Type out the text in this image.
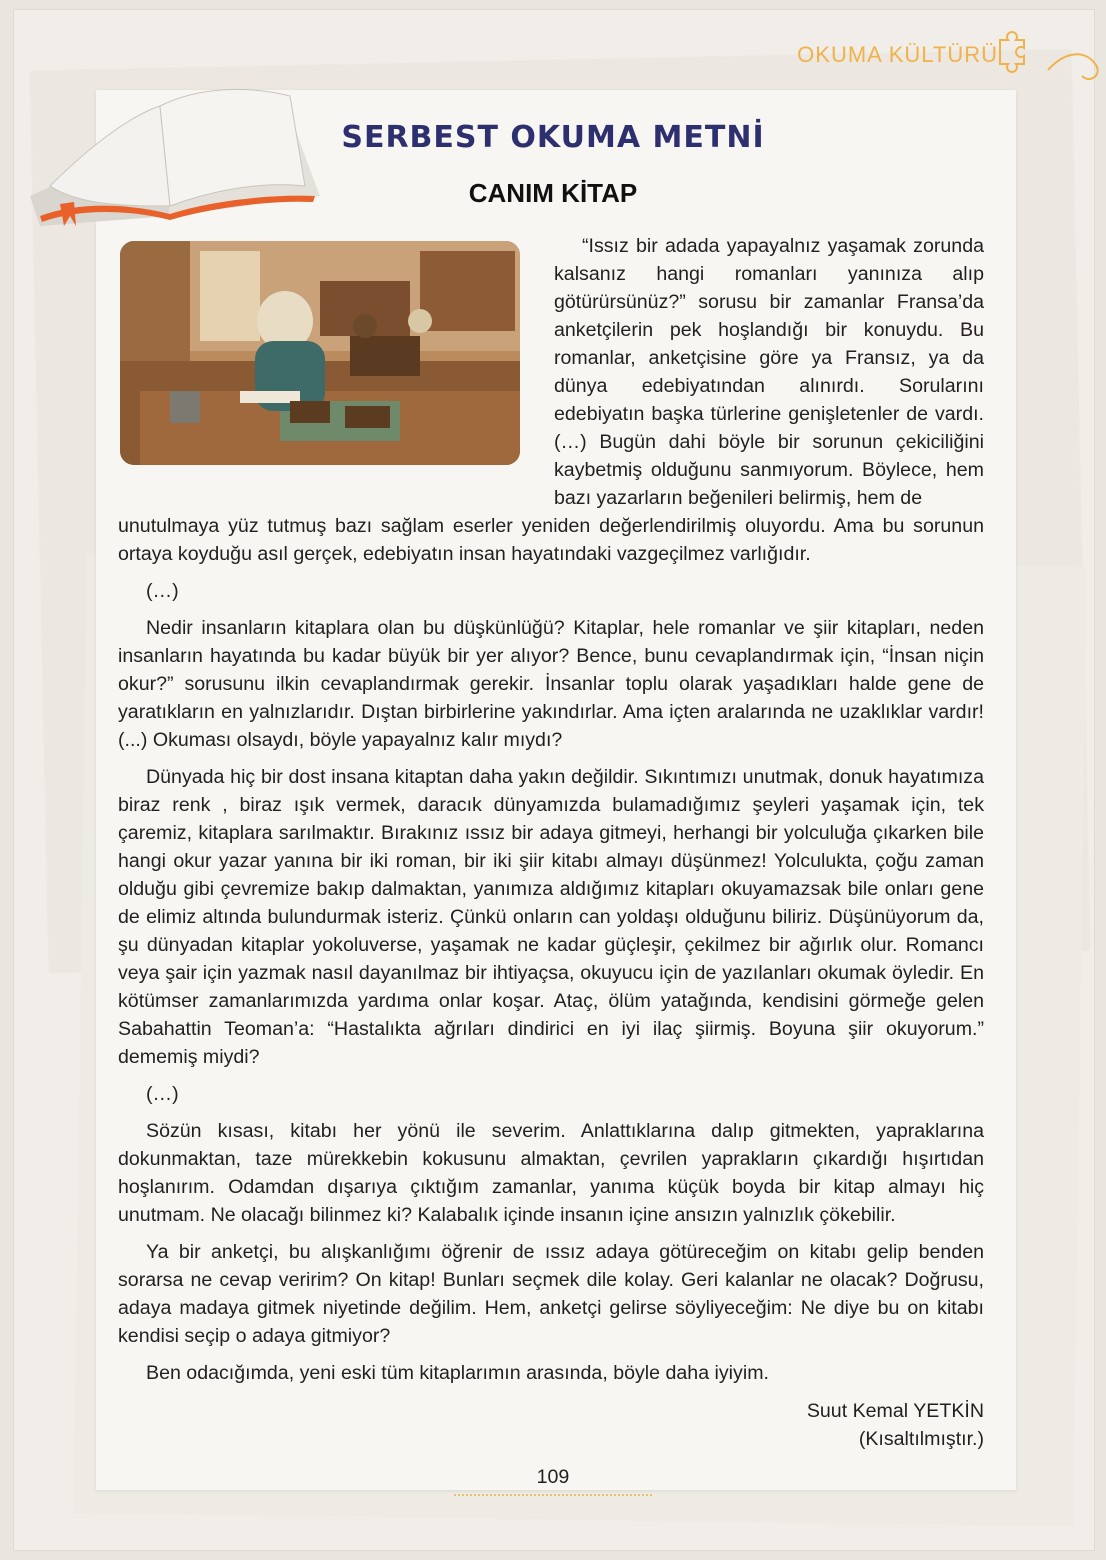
OKUMA KÜLTÜRÜ
SERBEST OKUMA METNİ
CANIM KİTAP

“Issız bir adada yapayalnız yaşamak zorunda kalsanız hangi romanları yanınıza alıp götürürsünüz?” sorusu bir zamanlar Fransa’da anketçilerin pek hoşlandığı bir konuydu. Bu romanlar, anketçisine göre ya Fransız, ya da dünya edebiyatından alınırdı. Sorularını edebiyatın başka türlerine genişletenler de vardı. (…) Bugün dahi böyle bir sorunun çekiciliğini kaybetmiş olduğunu sanmıyorum. Böylece, hem bazı yazarların beğenileri belirmiş, hem de

unutulmaya yüz tutmuş bazı sağlam eserler yeniden değerlendirilmiş oluyordu. Ama bu sorunun ortaya koyduğu asıl gerçek, edebiyatın insan hayatındaki vazgeçilmez varlığıdır.

(…)

Nedir insanların kitaplara olan bu düşkünlüğü? Kitaplar, hele romanlar ve şiir kitapları, neden insanların hayatında bu kadar büyük bir yer alıyor? Bence, bunu cevaplandırmak için, “İnsan niçin okur?” sorusunu ilkin cevaplandırmak gerekir. İnsanlar toplu olarak yaşadıkları halde gene de yaratıkların en yalnızlarıdır. Dıştan birbirlerine yakındırlar. Ama içten aralarında ne uzaklıklar vardır! (...) Okuması olsaydı, böyle yapayalnız kalır mıydı?

Dünyada hiç bir dost insana kitaptan daha yakın değildir. Sıkıntımızı unutmak, donuk hayatımıza biraz renk , biraz ışık vermek, daracık dünyamızda bulamadığımız şeyleri yaşamak için, tek çaremiz, kitaplara sarılmaktır. Bırakınız ıssız bir adaya gitmeyi, herhangi bir yolculuğa çıkarken bile hangi okur yazar yanına bir iki roman, bir iki şiir kitabı almayı düşünmez! Yolculukta, çoğu zaman olduğu gibi çevremize bakıp dalmaktan, yanımıza aldığımız kitapları okuyamazsak bile onları gene de elimiz altında bulundurmak isteriz. Çünkü onların can yoldaşı olduğunu biliriz. Düşünüyorum da, şu dünyadan kitaplar yokoluverse, yaşamak ne kadar güçleşir, çekilmez bir ağırlık olur. Romancı veya şair için yazmak nasıl dayanılmaz bir ihtiyaçsa, okuyucu için de yazılanları okumak öyledir. En kötümser zamanlarımızda yardıma onlar koşar. Ataç, ölüm yatağında, kendisini görmeğe gelen Sabahattin Teoman’a: “Hastalıkta ağrıları dindirici en iyi ilaç şiirmiş. Boyuna şiir okuyorum.” dememiş miydi?

(…)

Sözün kısası, kitabı her yönü ile severim. Anlattıklarına dalıp gitmekten, yapraklarına dokunmaktan, taze mürekkebin kokusunu almaktan, çevrilen yaprakların çıkardığı hışırtıdan hoşlanırım. Odamdan dışarıya çıktığım zamanlar, yanıma küçük boyda bir kitap almayı hiç unutmam. Ne olacağı bilinmez ki? Kalabalık içinde insanın içine ansızın yalnızlık çökebilir.

Ya bir anketçi, bu alışkanlığımı öğrenir de ıssız adaya götüreceğim on kitabı gelip benden sorarsa ne cevap veririm? On kitap! Bunları seçmek dile kolay. Geri kalanlar ne olacak? Doğrusu, adaya madaya gitmek niyetinde değilim. Hem, anketçi gelirse söyliyeceğim: Ne diye bu on kitabı kendisi seçip o adaya gitmiyor?

Ben odacığımda, yeni eski tüm kitaplarımın arasında, böyle daha iyiyim.

Suut Kemal YETKİN
(Kısaltılmıştır.)
109
